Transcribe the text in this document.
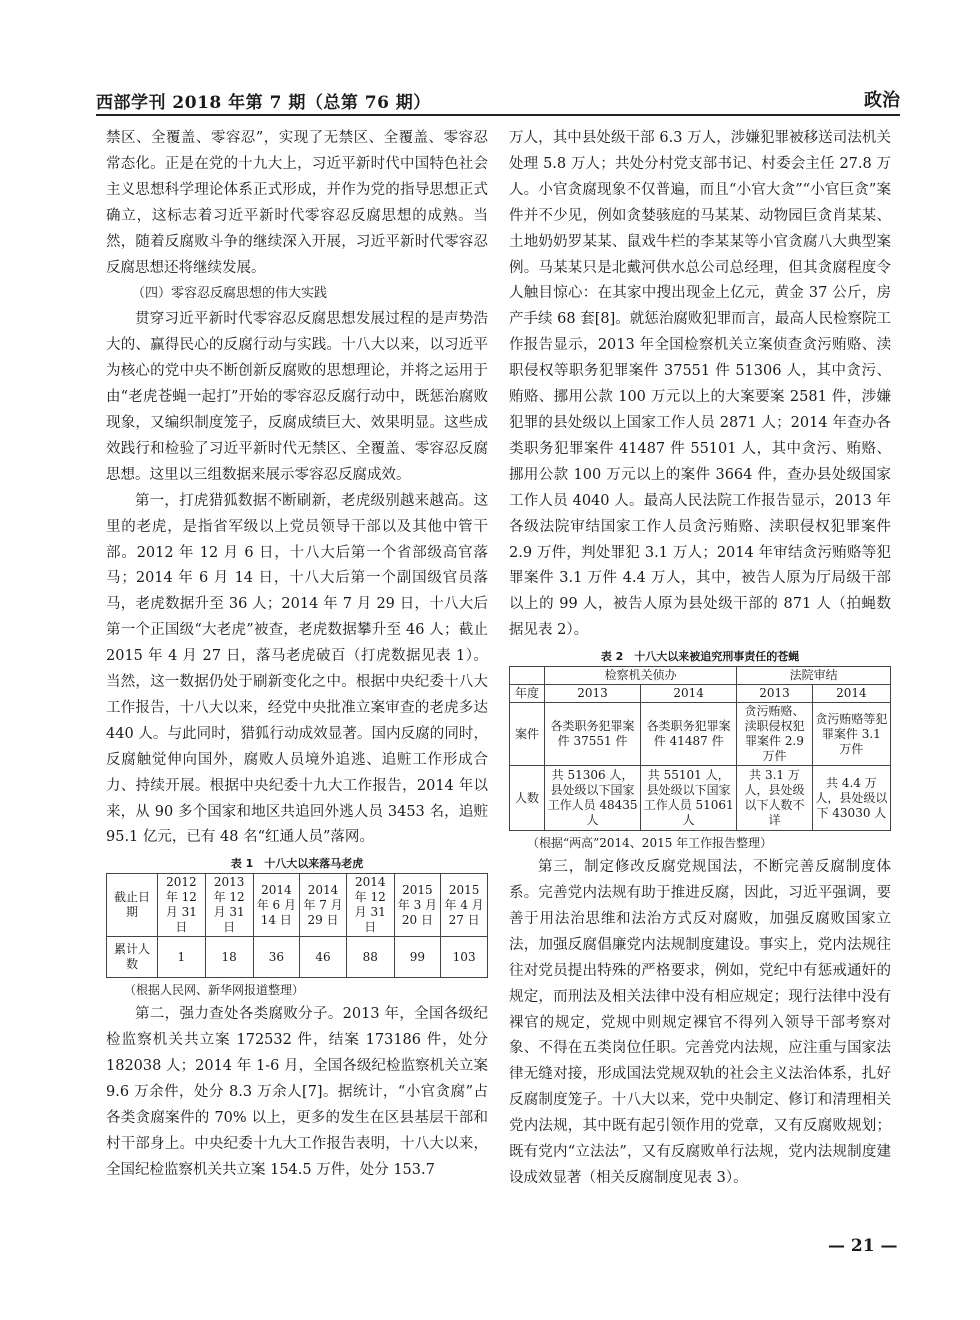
西部学刊 2018 年第 7 期（总第 76 期）	政治

禁区、全覆盖、零容忍”，实现了无禁区、全覆盖、零容忍常态化。正是在党的十九大上，习近平新时代中国特色社会主义思想科学理论体系正式形成，并作为党的指导思想正式确立，这标志着习近平新时代零容忍反腐思想的成熟。当然，随着反腐败斗争的继续深入开展，习近平新时代零容忍反腐思想还将继续发展。

（四）零容忍反腐思想的伟大实践

贯穿习近平新时代零容忍反腐思想发展过程的是声势浩大的、赢得民心的反腐行动与实践。十八大以来，以习近平为核心的党中央不断创新反腐败的思想理论，并将之运用于由“老虎苍蝇一起打”开始的零容忍反腐行动中，既惩治腐败现象，又编织制度笼子，反腐成绩巨大、效果明显。这些成效践行和检验了习近平新时代无禁区、全覆盖、零容忍反腐思想。这里以三组数据来展示零容忍反腐成效。

第一，打虎猎狐数据不断刷新，老虎级别越来越高。这里的老虎，是指省军级以上党员领导干部以及其他中管干部。2012 年 12 月 6 日，十八大后第一个省部级高官落马；2014 年 6 月 14 日，十八大后第一个副国级官员落马，老虎数据升至 36 人；2014 年 7 月 29 日，十八大后第一个正国级“大老虎”被查，老虎数据攀升至 46 人；截止 2015 年 4 月 27 日，落马老虎破百（打虎数据见表 1）。当然，这一数据仍处于刷新变化之中。根据中央纪委十八大工作报告，十八大以来，经党中央批准立案审查的老虎多达 440 人。与此同时，猎狐行动成效显著。国内反腐的同时，反腐触觉伸向国外，腐败人员境外追逃、追赃工作形成合力、持续开展。根据中央纪委十九大工作报告，2014 年以来，从 90 多个国家和地区共追回外逃人员 3453 名，追赃 95.1 亿元，已有 48 名“红通人员”落网。

表 1　十八大以来落马老虎
截止日期	2012 年 12 月 31 日	2013 年 12 月 31 日	2014 年 6 月 14 日	2014 年 7 月 29 日	2014 年 12 月 31 日	2015 年 3 月 20 日	2015 年 4 月 27 日
累计人数	1	18	36	46	88	99	103
（根据人民网、新华网报道整理）

第二，强力查处各类腐败分子。2013 年，全国各级纪检监察机关共立案 172532 件，结案 173186 件，处分 182038 人；2014 年 1-6 月，全国各级纪检监察机关立案 9.6 万余件，处分 8.3 万余人[7]。据统计，“小官贪腐”占各类贪腐案件的 70% 以上，更多的发生在区县基层干部和村干部身上。中央纪委十九大工作报告表明，十八大以来，全国纪检监察机关共立案 154.5 万件，处分 153.7

万人，其中县处级干部 6.3 万人，涉嫌犯罪被移送司法机关处理 5.8 万人；共处分村党支部书记、村委会主任 27.8 万人。小官贪腐现象不仅普遍，而且“小官大贪”“小官巨贪”案件并不少见，例如贪婪骇庭的马某某、动物园巨贪肖某某、土地奶奶罗某某、鼠戏牛栏的李某某等小官贪腐八大典型案例。马某某只是北戴河供水总公司总经理，但其贪腐程度令人触目惊心：在其家中搜出现金上亿元，黄金 37 公斤，房产手续 68 套[8]。就惩治腐败犯罪而言，最高人民检察院工作报告显示，2013 年全国检察机关立案侦查贪污贿赂、渎职侵权等职务犯罪案件 37551 件 51306 人，其中贪污、贿赂、挪用公款 100 万元以上的大案要案 2581 件，涉嫌犯罪的县处级以上国家工作人员 2871 人；2014 年查办各类职务犯罪案件 41487 件 55101 人，其中贪污、贿赂、挪用公款 100 万元以上的案件 3664 件，查办县处级国家工作人员 4040 人。最高人民法院工作报告显示，2013 年各级法院审结国家工作人员贪污贿赂、渎职侵权犯罪案件 2.9 万件，判处罪犯 3.1 万人；2014 年审结贪污贿赂等犯罪案件 3.1 万件 4.4 万人，其中，被告人原为厅局级干部以上的 99 人，被告人原为县处级干部的 871 人（拍蝇数据见表 2）。

表 2　十八大以来被追究刑事责任的苍蝇
	检察机关侦办		法院审结	
年度	2013	2014	2013	2014
案件	各类职务犯罪案件 37551 件	各类职务犯罪案件 41487 件	贪污贿赂、渎职侵权犯罪案件 2.9 万件	贪污贿赂等犯罪案件 3.1 万件
人数	共 51306 人，县处级以下国家工作人员 48435 人	共 55101 人，县处级以下国家工作人员 51061 人	共 3.1 万人，县处级以下人数不详	共 4.4 万人，县处级以下 43030 人
（根据“两高”2014、2015 年工作报告整理）

第三，制定修改反腐党规国法，不断完善反腐制度体系。完善党内法规有助于推进反腐，因此，习近平强调，要善于用法治思维和法治方式反对腐败，加强反腐败国家立法，加强反腐倡廉党内法规制度建设。事实上，党内法规往往对党员提出特殊的严格要求，例如，党纪中有惩戒通奸的规定，而刑法及相关法律中没有相应规定；现行法律中没有裸官的规定，党规中则规定裸官不得列入领导干部考察对象、不得在五类岗位任职。完善党内法规，应注重与国家法律无缝对接，形成国法党规双轨的社会主义法治体系，扎好反腐制度笼子。十八大以来，党中央制定、修订和清理相关党内法规，其中既有起引领作用的党章，又有反腐败规划；既有党内“立法法”，又有反腐败单行法规，党内法规制度建设成效显著（相关反腐制度见表 3）。

— 21 —
